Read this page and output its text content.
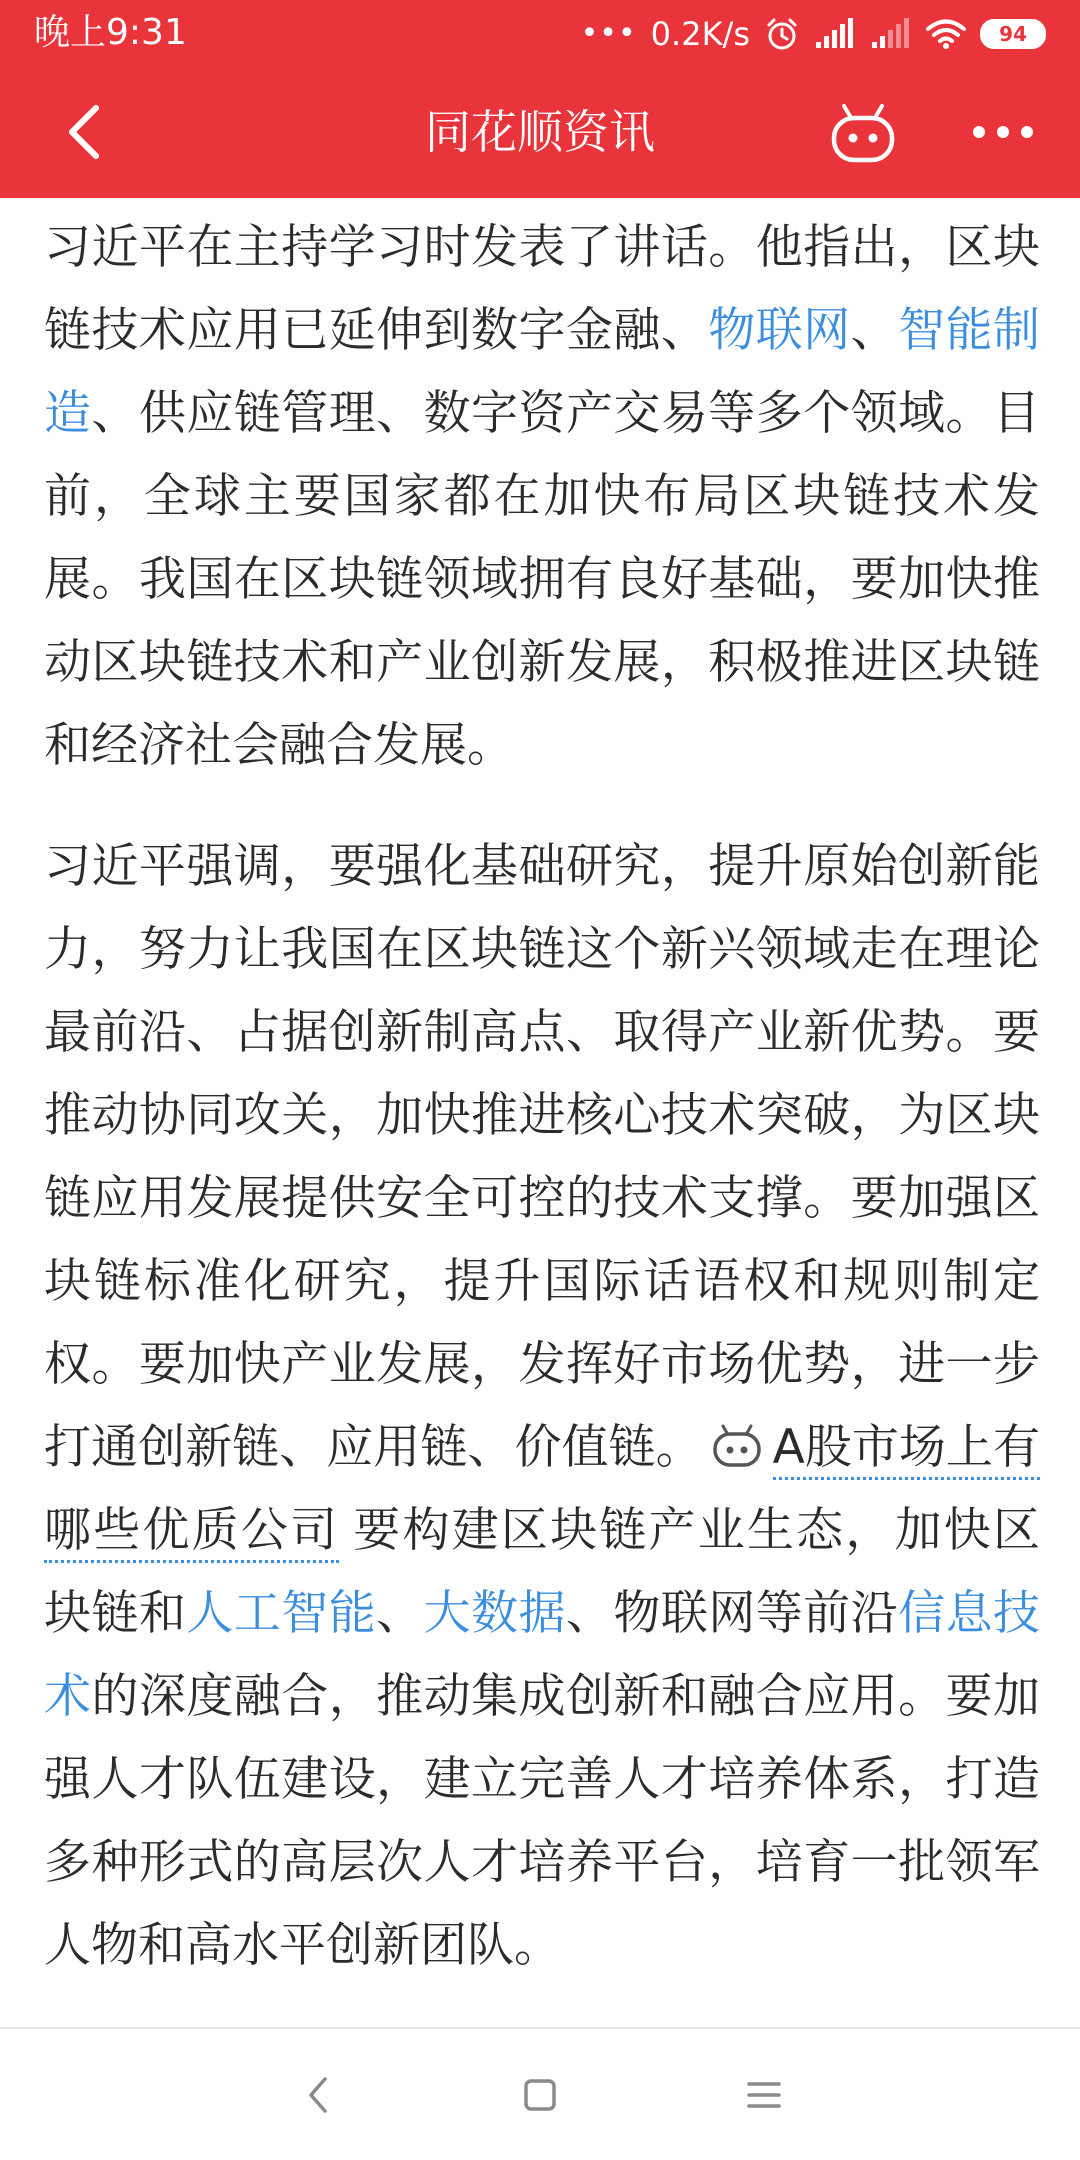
晚上9:31	••• 0.2K/s	94
同花顺资讯

习近平在主持学习时发表了讲话。他指出，区块链技术应用已延伸到数字金融、物联网、智能制造、供应链管理、数字资产交易等多个领域。目前，全球主要国家都在加快布局区块链技术发展。我国在区块链领域拥有良好基础，要加快推动区块链技术和产业创新发展，积极推进区块链和经济社会融合发展。

习近平强调，要强化基础研究，提升原始创新能力，努力让我国在区块链这个新兴领域走在理论最前沿、占据创新制高点、取得产业新优势。要推动协同攻关，加快推进核心技术突破，为区块链应用发展提供安全可控的技术支撑。要加强区块链标准化研究，提升国际话语权和规则制定权。要加快产业发展，发挥好市场优势，进一步打通创新链、应用链、价值链。 A股市场上有哪些优质公司 要构建区块链产业生态，加快区块链和人工智能、大数据、物联网等前沿信息技术的深度融合，推动集成创新和融合应用。要加强人才队伍建设，建立完善人才培养体系，打造多种形式的高层次人才培养平台，培育一批领军人物和高水平创新团队。
